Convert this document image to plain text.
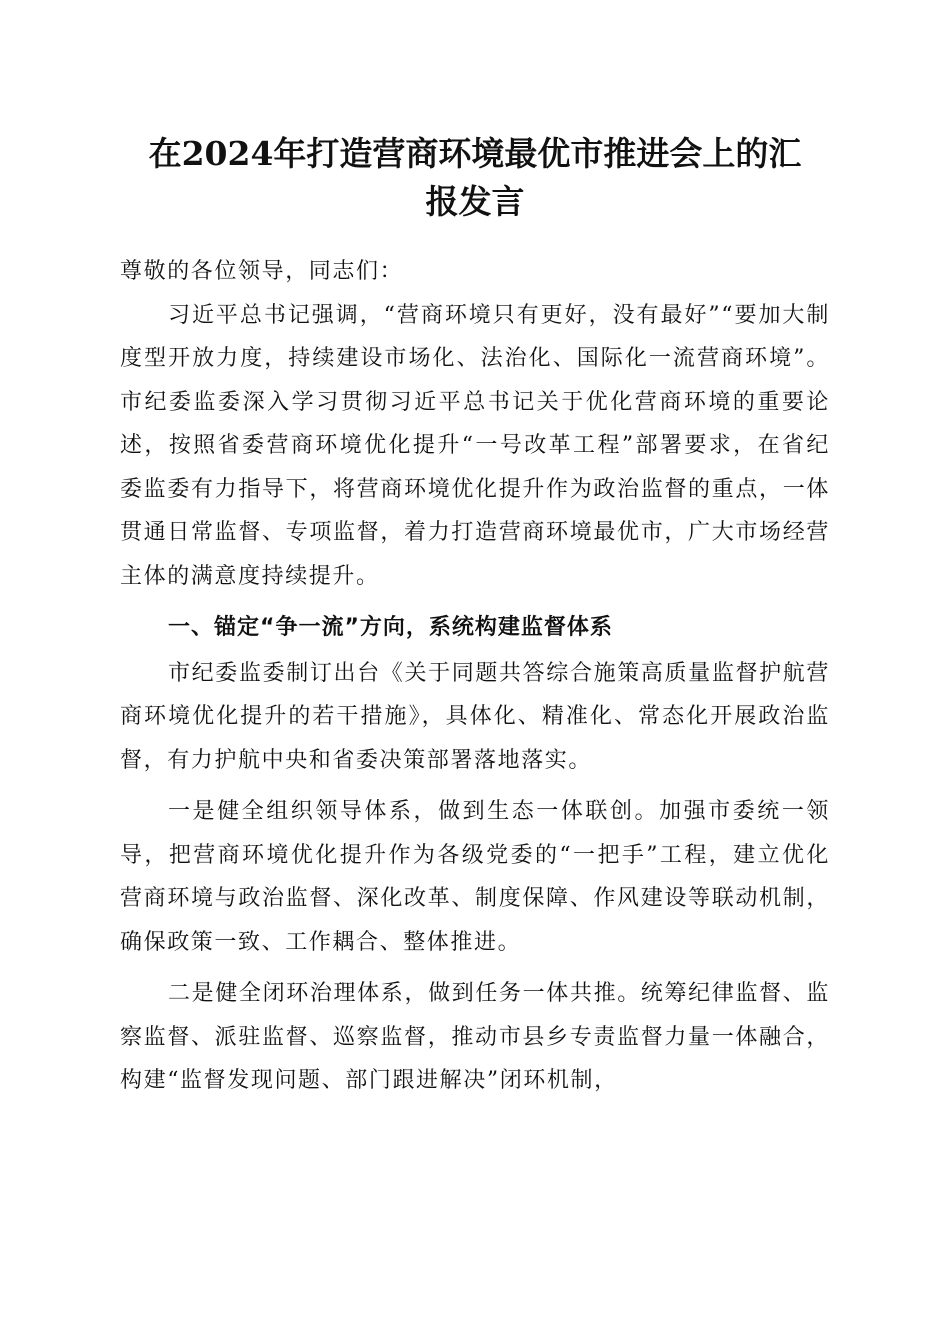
在2024年打造营商环境最优市推进会上的汇
报发言

尊敬的各位领导，同志们：

习近平总书记强调，“营商环境只有更好，没有最好”“要加大制度型开放力度，持续建设市场化、法治化、国际化一流营商环境”。市纪委监委深入学习贯彻习近平总书记关于优化营商环境的重要论述，按照省委营商环境优化提升“一号改革工程”部署要求，在省纪委监委有力指导下，将营商环境优化提升作为政治监督的重点，一体贯通日常监督、专项监督，着力打造营商环境最优市，广大市场经营主体的满意度持续提升。

一、锚定“争一流”方向，系统构建监督体系

市纪委监委制订出台《关于同题共答综合施策高质量监督护航营商环境优化提升的若干措施》，具体化、精准化、常态化开展政治监督，有力护航中央和省委决策部署落地落实。

一是健全组织领导体系，做到生态一体联创。加强市委统一领导，把营商环境优化提升作为各级党委的“一把手”工程，建立优化营商环境与政治监督、深化改革、制度保障、作风建设等联动机制，确保政策一致、工作耦合、整体推进。

二是健全闭环治理体系，做到任务一体共推。统筹纪律监督、监察监督、派驻监督、巡察监督，推动市县乡专责监督力量一体融合，构建“监督发现问题、部门跟进解决”闭环机制，
